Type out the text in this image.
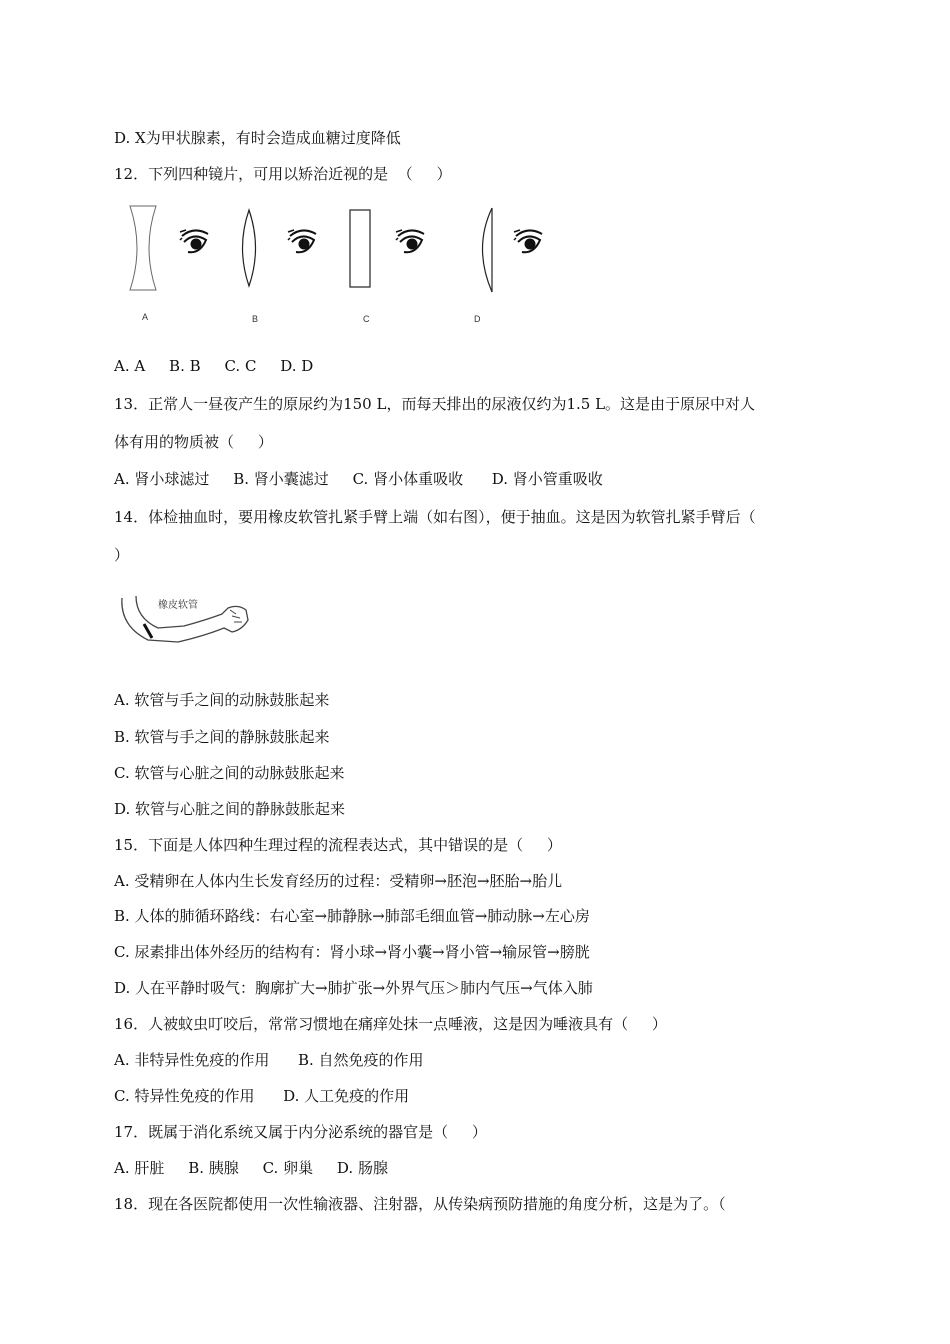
D. X为甲状腺素，有时会造成血糖过度降低
12．下列四种镜片，可用以矫治近视的是  （     ）
A	B	C	D
A. A     B. B     C. C     D. D
13．正常人一昼夜产生的原尿约为150 L，而每天排出的尿液仅约为1.5 L。这是由于原尿中对人
体有用的物质被（     ）
A. 肾小球滤过     B. 肾小囊滤过     C. 肾小体重吸收      D. 肾小管重吸收
14．体检抽血时，要用橡皮软管扎紧手臂上端（如右图），便于抽血。这是因为软管扎紧手臂后（
）
橡皮软管
A. 软管与手之间的动脉鼓胀起来
B. 软管与手之间的静脉鼓胀起来
C. 软管与心脏之间的动脉鼓胀起来
D. 软管与心脏之间的静脉鼓胀起来
15．下面是人体四种生理过程的流程表达式，其中错误的是（     ）
A. 受精卵在人体内生长发育经历的过程：受精卵→胚泡→胚胎→胎儿
B. 人体的肺循环路线：右心室→肺静脉→肺部毛细血管→肺动脉→左心房
C. 尿素排出体外经历的结构有：肾小球→肾小囊→肾小管→输尿管→膀胱
D. 人在平静时吸气：胸廓扩大→肺扩张→外界气压＞肺内气压→气体入肺
16．人被蚊虫叮咬后，常常习惯地在痛痒处抹一点唾液，这是因为唾液具有（     ）
A. 非特异性免疫的作用      B. 自然免疫的作用
C. 特异性免疫的作用      D. 人工免疫的作用
17．既属于消化系统又属于内分泌系统的器官是（     ）
A. 肝脏     B. 胰腺     C. 卵巢     D. 肠腺
18．现在各医院都使用一次性输液器、注射器，从传染病预防措施的角度分析，这是为了。（
